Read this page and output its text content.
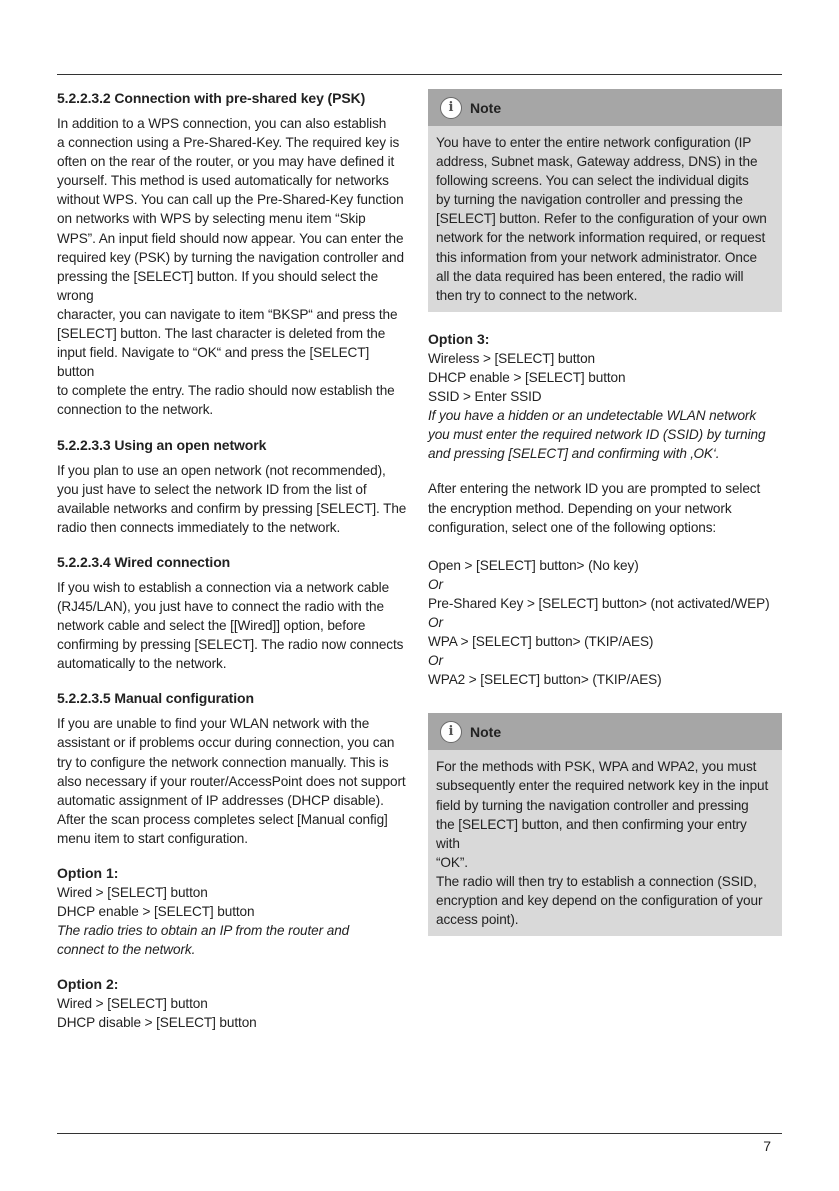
5.2.2.3.2 Connection with pre-shared key (PSK)

In addition to a WPS connection, you can also establish
a connection using a Pre-Shared-Key. The required key is
often on the rear of the router, or you may have defined it
yourself. This method is used automatically for networks
without WPS. You can call up the Pre-Shared-Key function
on networks with WPS by selecting menu item “Skip
WPS”. An input field should now appear. You can enter the
required key (PSK) by turning the navigation controller and
pressing the [SELECT] button. If you should select the wrong
character, you can navigate to item “BKSP“ and press the
[SELECT] button. The last character is deleted from the
input field. Navigate to “OK“ and press the [SELECT] button
to complete the entry. The radio should now establish the
connection to the network.

5.2.2.3.3 Using an open network

If you plan to use an open network (not recommended),
you just have to select the network ID from the list of
available networks and confirm by pressing [SELECT]. The
radio then connects immediately to the network.

5.2.2.3.4 Wired connection

If you wish to establish a connection via a network cable
(RJ45/LAN), you just have to connect the radio with the
network cable and select the [[Wired]] option, before
confirming by pressing [SELECT]. The radio now connects
automatically to the network.

5.2.2.3.5 Manual configuration

If you are unable to find your WLAN network with the
assistant or if problems occur during connection, you can
try to configure the network connection manually. This is
also necessary if your router/AccessPoint does not support
automatic assignment of IP addresses (DHCP disable).
After the scan process completes select [Manual config]
menu item to start configuration.

Option 1:

Wired > [SELECT] button
DHCP enable > [SELECT] button
The radio tries to obtain an IP from the router and
connect to the network.

Option 2:

Wired > [SELECT] button
DHCP disable > [SELECT] button

i	Note

You have to enter the entire network configuration (IP
address, Subnet mask, Gateway address, DNS) in the
following screens. You can select the individual digits
by turning the navigation controller and pressing the
[SELECT] button. Refer to the configuration of your own
network for the network information required, or request
this information from your network administrator. Once
all the data required has been entered, the radio will
then try to connect to the network.

Option 3:

Wireless > [SELECT] button
DHCP enable > [SELECT] button
SSID > Enter SSID
If you have a hidden or an undetectable WLAN network
you must enter the required network ID (SSID) by turning
and pressing [SELECT] and confirming with ‚OK‘.

After entering the network ID you are prompted to select
the encryption method. Depending on your network
configuration, select one of the following options:

Open > [SELECT] button> (No key)
Or
Pre-Shared Key > [SELECT] button> (not activated/WEP)
Or
WPA > [SELECT] button> (TKIP/AES)
Or
WPA2 > [SELECT] button> (TKIP/AES)

i	Note

For the methods with PSK, WPA and WPA2, you must
subsequently enter the required network key in the input
field by turning the navigation controller and pressing
the [SELECT] button, and then confirming your entry with
“OK”.
The radio will then try to establish a connection (SSID,
encryption and key depend on the configuration of your
access point).

7
